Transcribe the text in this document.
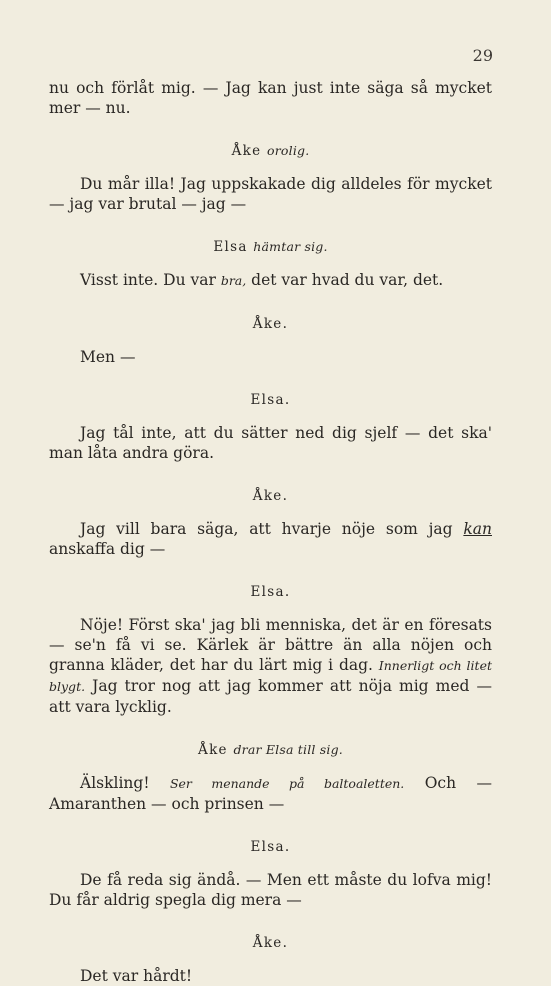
29

nu och förlåt mig. — Jag kan just inte säga så mycket mer — nu.

Åke orolig.

Du mår illa! Jag uppskakade dig alldeles för mycket — jag var brutal — jag —

Elsa hämtar sig.

Visst inte. Du var bra, det var hvad du var, det.

Åke.

Men —

Elsa.

Jag tål inte, att du sätter ned dig sjelf — det ska' man låta andra göra.

Åke.

Jag vill bara säga, att hvarje nöje som jag kan anskaffa dig —

Elsa.

Nöje! Först ska' jag bli menniska, det är en föresats — se'n få vi se. Kärlek är bättre än alla nöjen och granna kläder, det har du lärt mig i dag. Innerligt och litet blygt. Jag tror nog att jag kommer att nöja mig med — att vara lycklig.

Åke drar Elsa till sig.

Älskling! Ser menande på baltoaletten. Och — Amaranthen — och prinsen —

Elsa.

De få reda sig ändå. — Men ett måste du lofva mig! Du får aldrig spegla dig mera —

Åke.

Det var hårdt!
